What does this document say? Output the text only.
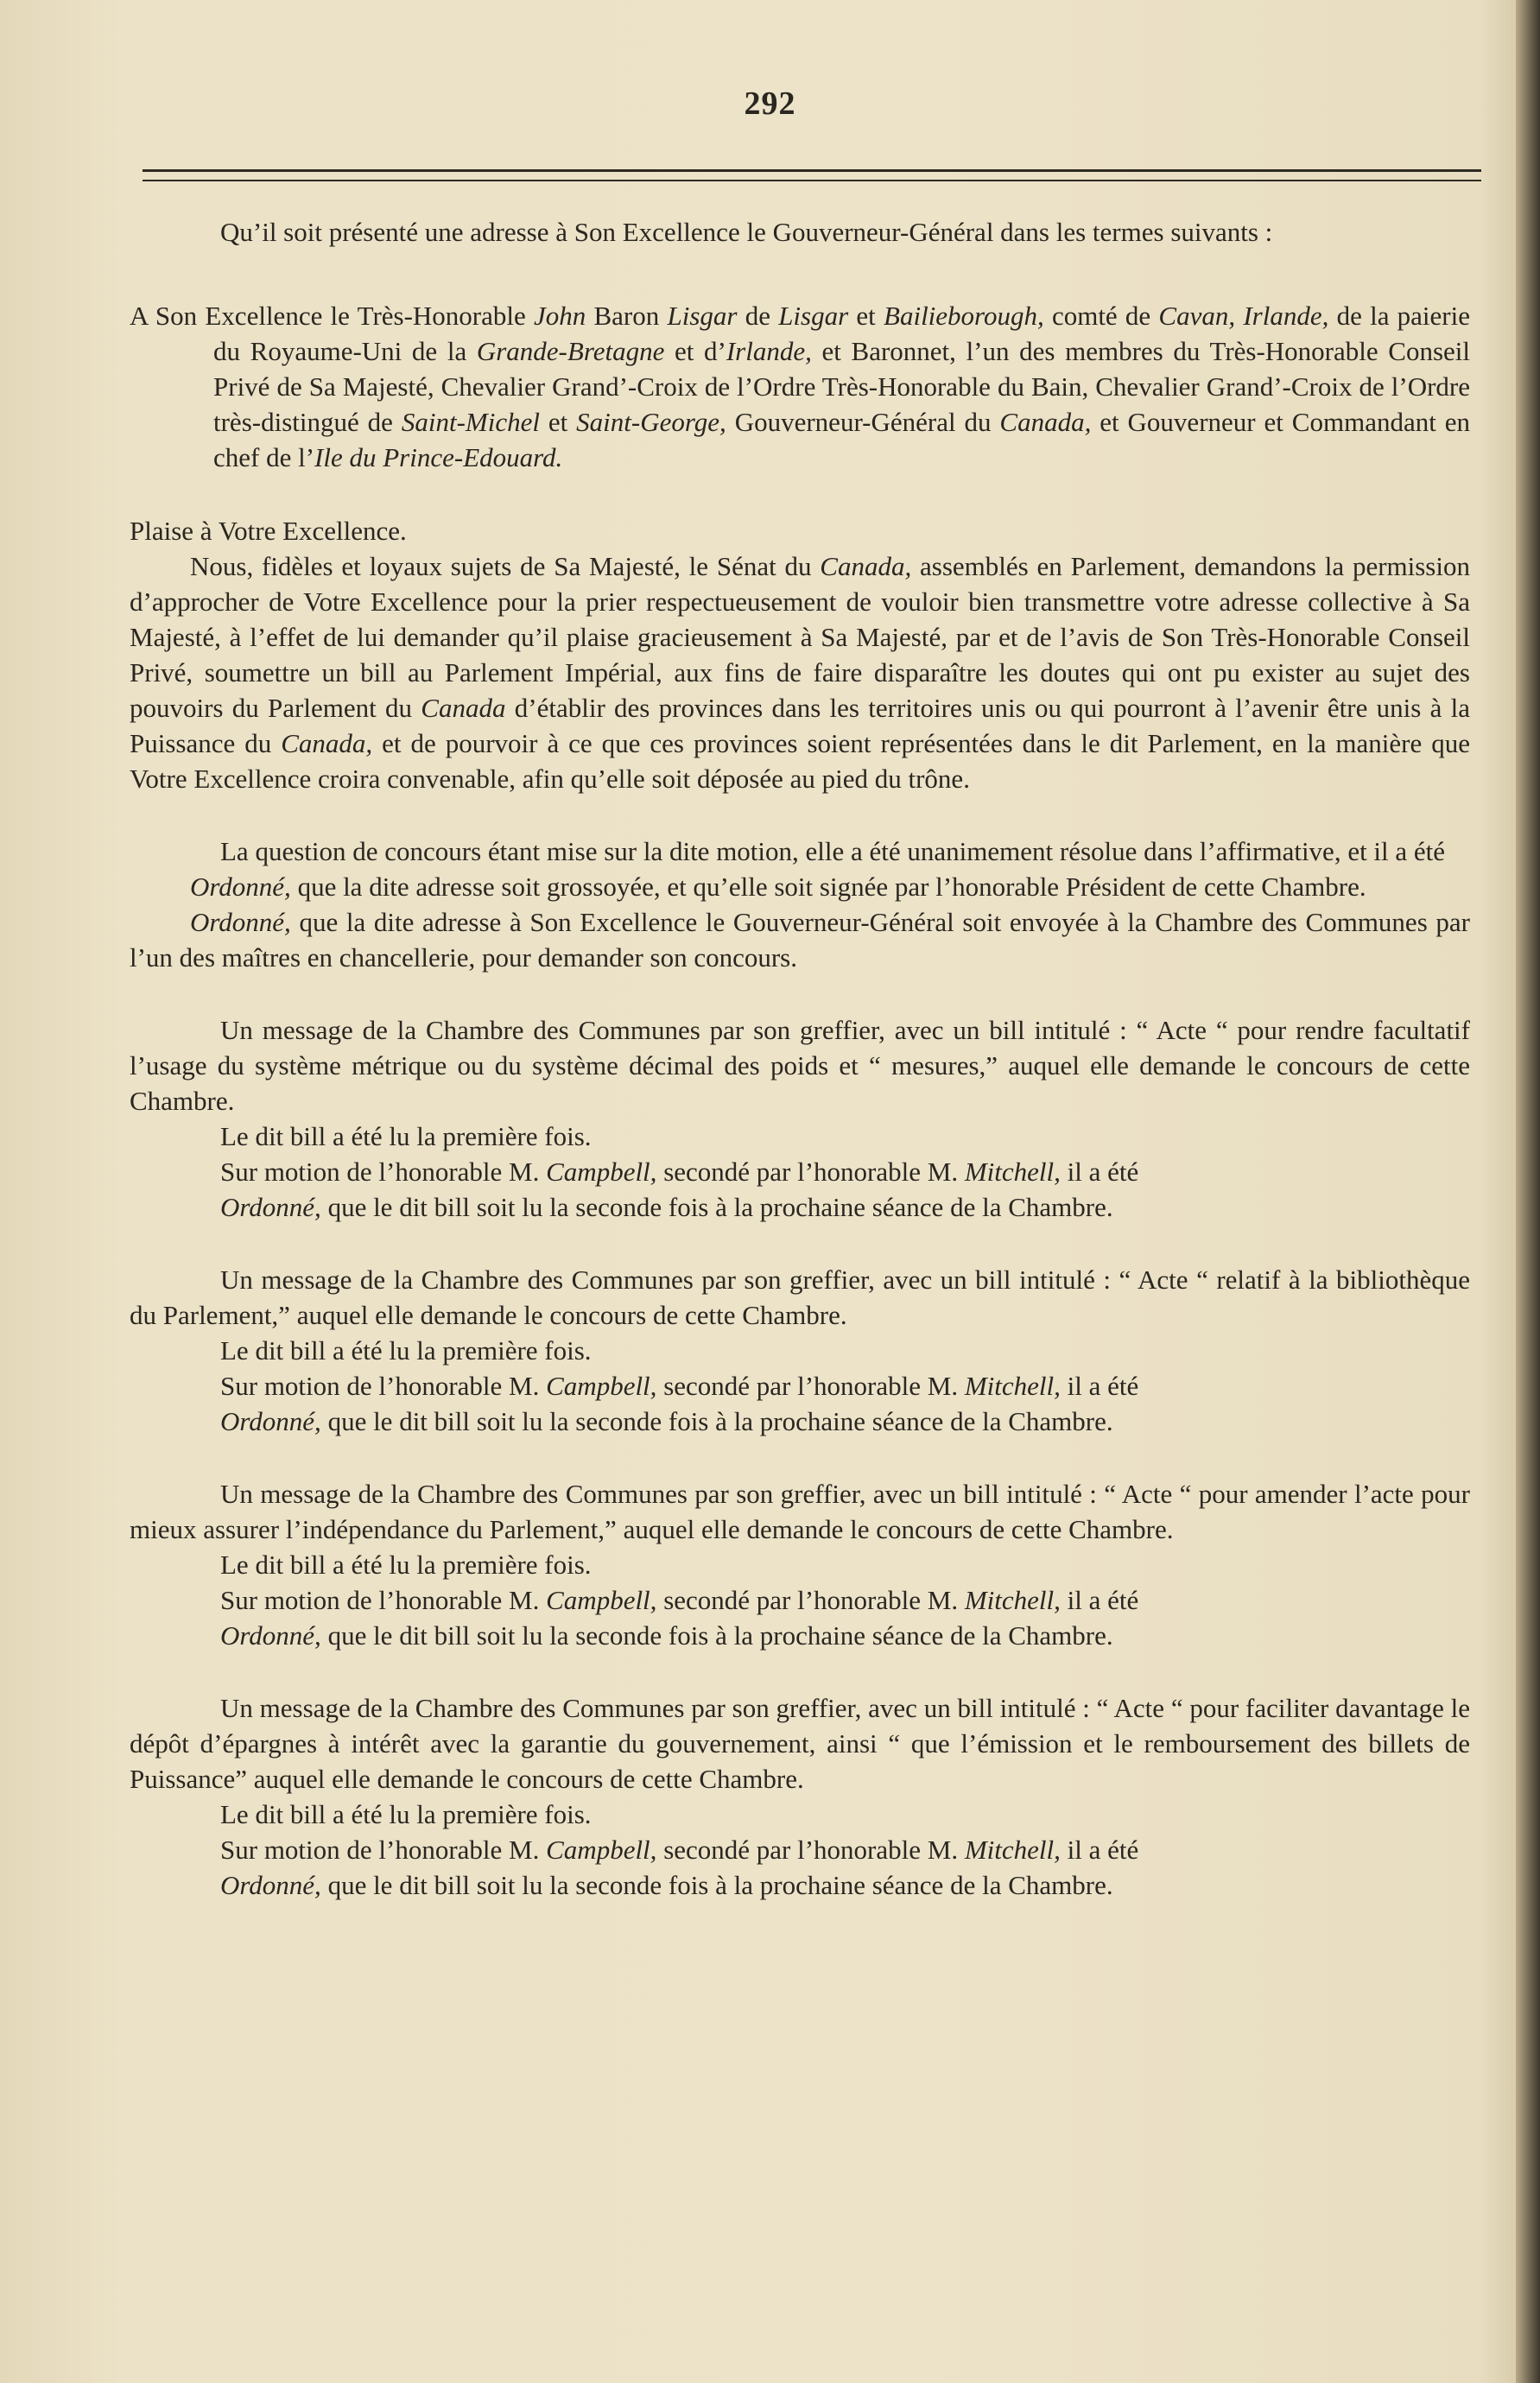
292

Qu’il soit présenté une adresse à Son Excellence le Gouverneur-Général dans les termes suivants :

A Son Excellence le Très-Honorable John Baron Lisgar de Lisgar et Bailieborough, comté de Cavan, Irlande, de la paierie du Royaume-Uni de la Grande-Bretagne et d’Irlande, et Baronnet, l’un des membres du Très-Honorable Conseil Privé de Sa Majesté, Chevalier Grand’-Croix de l’Ordre Très-Honorable du Bain, Chevalier Grand’-Croix de l’Ordre très-distingué de Saint-Michel et Saint-George, Gouverneur-Général du Canada, et Gouverneur et Commandant en chef de l’Ile du Prince-Edouard.

Plaise à Votre Excellence.

Nous, fidèles et loyaux sujets de Sa Majesté, le Sénat du Canada, assemblés en Parlement, demandons la permission d’approcher de Votre Excellence pour la prier respectueusement de vouloir bien transmettre votre adresse collective à Sa Majesté, à l’effet de lui demander qu’il plaise gracieusement à Sa Majesté, par et de l’avis de Son Très-Honorable Conseil Privé, soumettre un bill au Parlement Impérial, aux fins de faire disparaître les doutes qui ont pu exister au sujet des pouvoirs du Parlement du Canada d’établir des provinces dans les territoires unis ou qui pourront à l’avenir être unis à la Puissance du Canada, et de pourvoir à ce que ces provinces soient représentées dans le dit Parlement, en la manière que Votre Excellence croira convenable, afin qu’elle soit déposée au pied du trône.

La question de concours étant mise sur la dite motion, elle a été unanimement résolue dans l’affirmative, et il a été

Ordonné, que la dite adresse soit grossoyée, et qu’elle soit signée par l’honorable Président de cette Chambre.

Ordonné, que la dite adresse à Son Excellence le Gouverneur-Général soit envoyée à la Chambre des Communes par l’un des maîtres en chancellerie, pour demander son concours.

Un message de la Chambre des Communes par son greffier, avec un bill intitulé : “ Acte “ pour rendre facultatif l’usage du système métrique ou du système décimal des poids et “ mesures,” auquel elle demande le concours de cette Chambre.

Le dit bill a été lu la première fois.

Sur motion de l’honorable M. Campbell, secondé par l’honorable M. Mitchell, il a été

Ordonné, que le dit bill soit lu la seconde fois à la prochaine séance de la Chambre.

Un message de la Chambre des Communes par son greffier, avec un bill intitulé : “ Acte “ relatif à la bibliothèque du Parlement,” auquel elle demande le concours de cette Chambre.

Le dit bill a été lu la première fois.

Sur motion de l’honorable M. Campbell, secondé par l’honorable M. Mitchell, il a été

Ordonné, que le dit bill soit lu la seconde fois à la prochaine séance de la Chambre.

Un message de la Chambre des Communes par son greffier, avec un bill intitulé : “ Acte “ pour amender l’acte pour mieux assurer l’indépendance du Parlement,” auquel elle demande le concours de cette Chambre.

Le dit bill a été lu la première fois.

Sur motion de l’honorable M. Campbell, secondé par l’honorable M. Mitchell, il a été

Ordonné, que le dit bill soit lu la seconde fois à la prochaine séance de la Chambre.

Un message de la Chambre des Communes par son greffier, avec un bill intitulé : “ Acte “ pour faciliter davantage le dépôt d’épargnes à intérêt avec la garantie du gouvernement, ainsi “ que l’émission et le remboursement des billets de Puissance” auquel elle demande le concours de cette Chambre.

Le dit bill a été lu la première fois.

Sur motion de l’honorable M. Campbell, secondé par l’honorable M. Mitchell, il a été

Ordonné, que le dit bill soit lu la seconde fois à la prochaine séance de la Chambre.
